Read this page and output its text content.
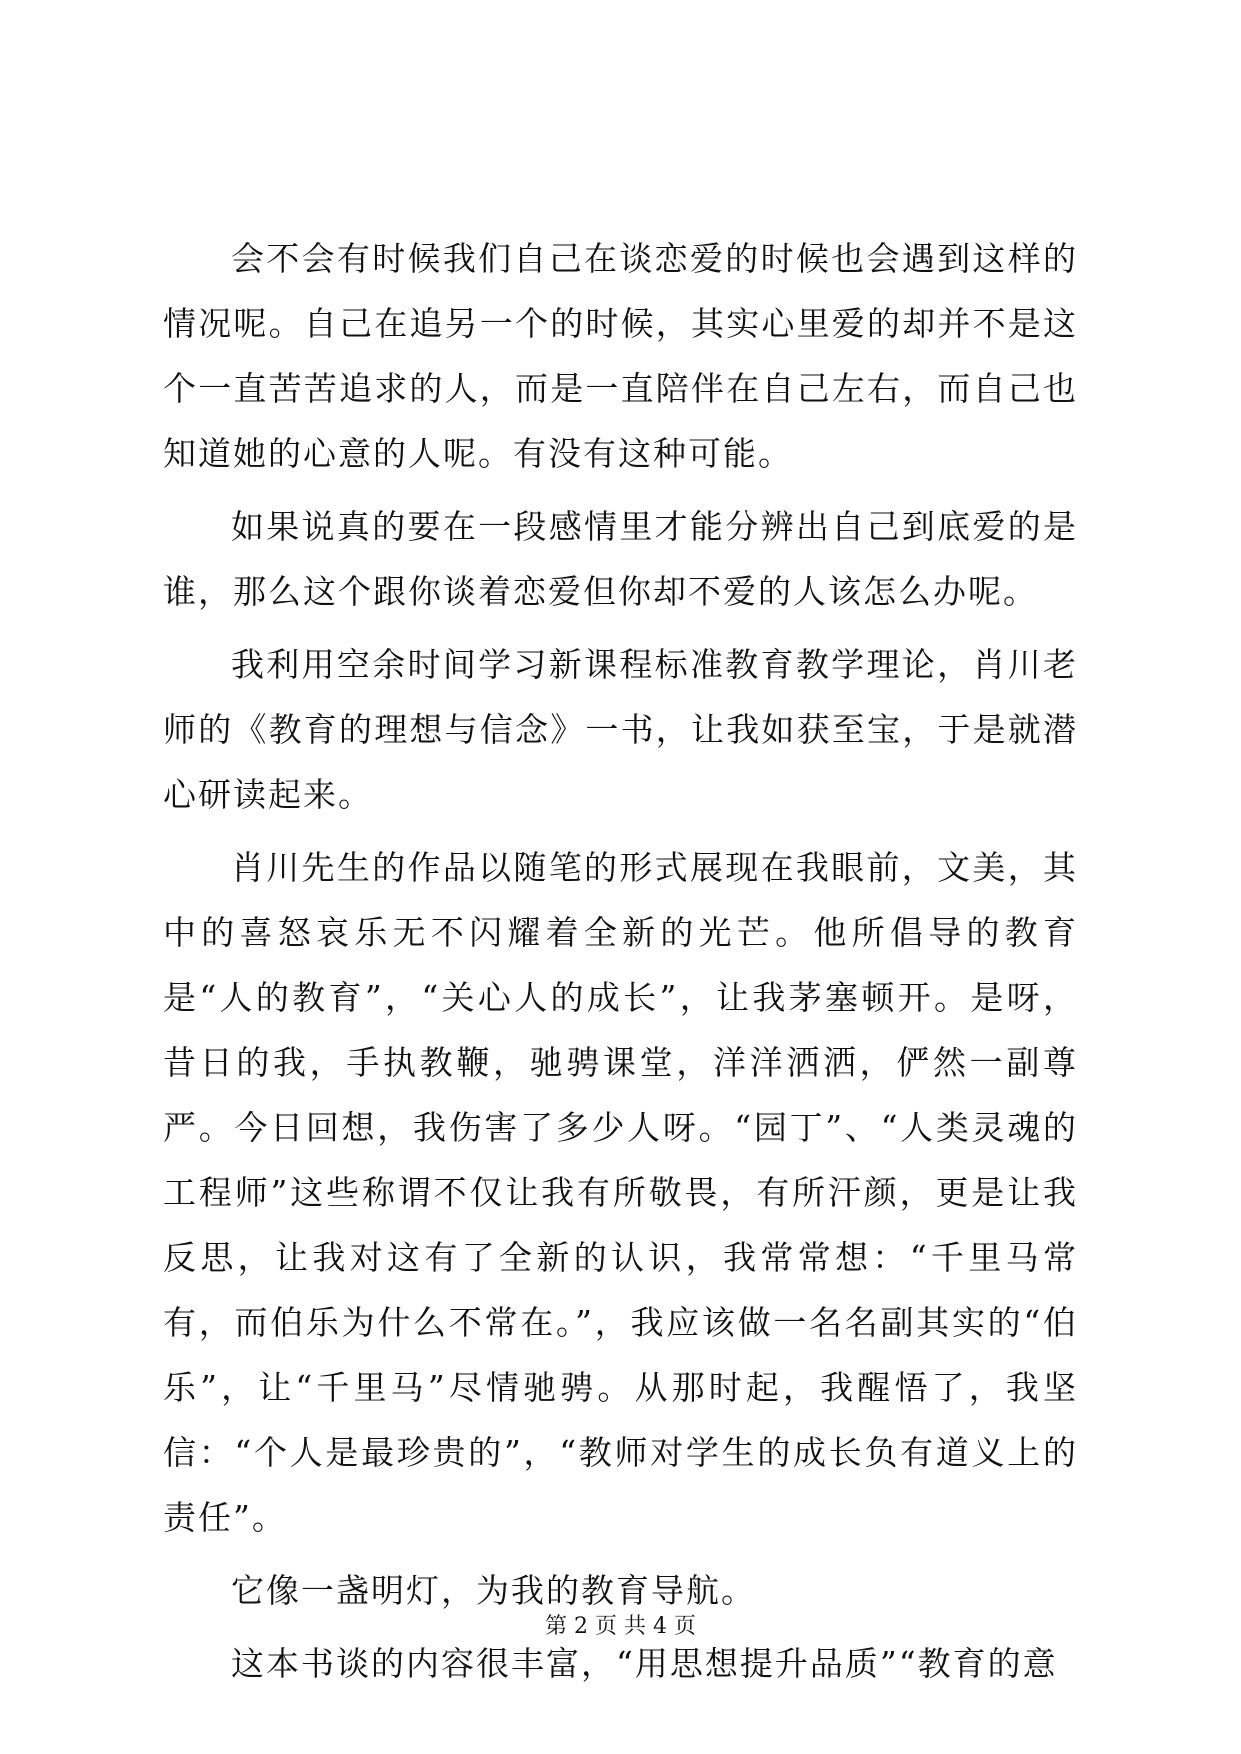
会不会有时候我们自己在谈恋爱的时候也会遇到这样的情况呢。自己在追另一个的时候，其实心里爱的却并不是这个一直苦苦追求的人，而是一直陪伴在自己左右，而自己也知道她的心意的人呢。有没有这种可能。

如果说真的要在一段感情里才能分辨出自己到底爱的是谁，那么这个跟你谈着恋爱但你却不爱的人该怎么办呢。

我利用空余时间学习新课程标准教育教学理论，肖川老师的《教育的理想与信念》一书，让我如获至宝，于是就潜心研读起来。

肖川先生的作品以随笔的形式展现在我眼前，文美，其中的喜怒哀乐无不闪耀着全新的光芒。他所倡导的教育是“人的教育”，“关心人的成长”，让我茅塞顿开。是呀，昔日的我，手执教鞭，驰骋课堂，洋洋洒洒，俨然一副尊严。今日回想，我伤害了多少人呀。“园丁”、“人类灵魂的工程师”这些称谓不仅让我有所敬畏，有所汗颜，更是让我反思，让我对这有了全新的认识，我常常想：“千里马常有，而伯乐为什么不常在。”，我应该做一名名副其实的“伯乐”，让“千里马”尽情驰骋。从那时起，我醒悟了，我坚信：“个人是最珍贵的”，“教师对学生的成长负有道义上的责任”。

它像一盏明灯，为我的教育导航。

这本书谈的内容很丰富，“用思想提升品质”“教育的意

第 2 页 共 4 页
